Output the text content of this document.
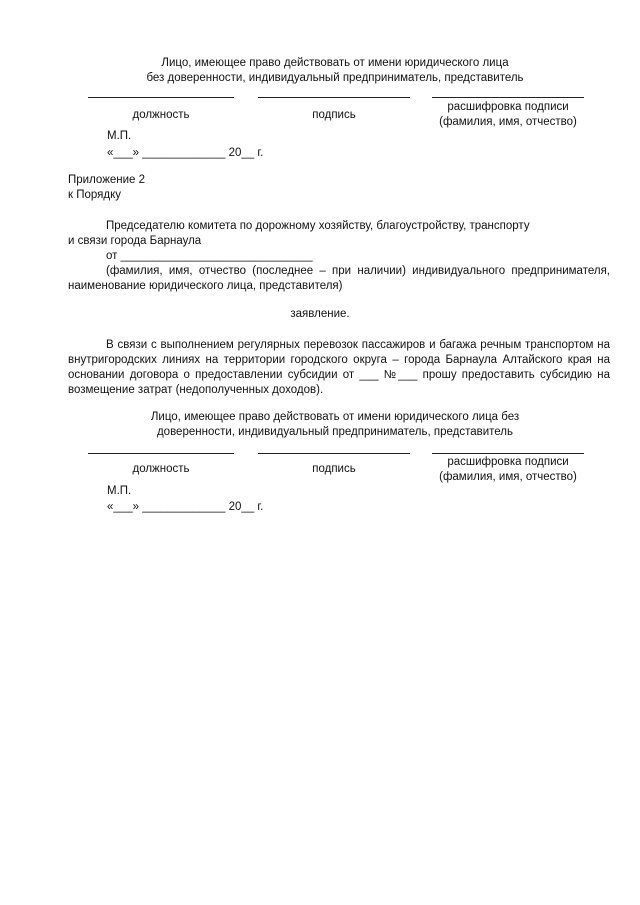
Лицо, имеющее право действовать от имени юридического лица
без доверенности, индивидуальный предприниматель, представитель
должность	подпись
расшифровка подписи
(фамилия, имя, отчество)
М.П.
«___» _____________ 20__ г.
Приложение 2
к Порядку
Председателю комитета по дорожному хозяйству, благоустройству, транспорту
и связи города Барнаула
от ______________________________
(фамилия, имя, отчество (последнее – при наличии) индивидуального предпринимателя, наименование юридического лица, представителя)
заявление.
В связи с выполнением регулярных перевозок пассажиров и багажа речным транспортом на внутригородских линиях на территории городского округа – города Барнаула Алтайского края на основании договора о предоставлении субсидии от ___ №___ прошу предоставить субсидию на возмещение затрат (недополученных доходов).
Лицо, имеющее право действовать от имени юридического лица без
доверенности, индивидуальный предприниматель, представитель
должность	подпись
расшифровка подписи
(фамилия, имя, отчество)
М.П.
«___» _____________ 20__ г.
